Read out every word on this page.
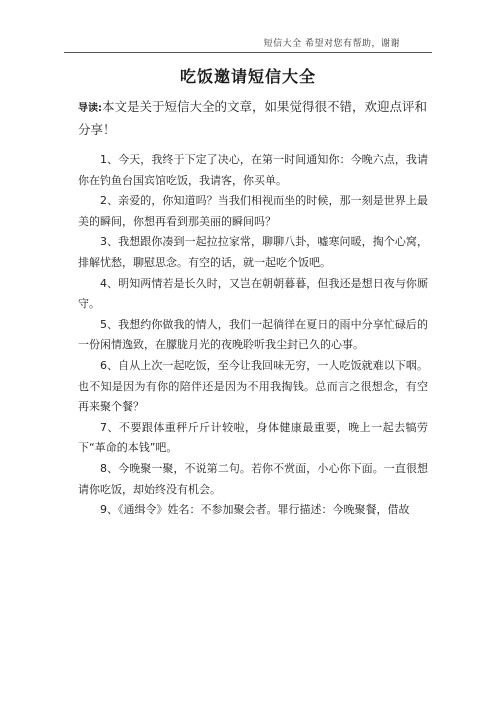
短信大全 希望对您有帮助，谢谢
吃饭邀请短信大全
导读:本文是关于短信大全的文章，如果觉得很不错，欢迎点评和分享！

1、今天，我终于下定了决心，在第一时间通知你：今晚六点，我请你在钓鱼台国宾馆吃饭，我请客，你买单。

2、亲爱的，你知道吗？当我们相视而坐的时候，那一刻是世界上最美的瞬间，你想再看到那美丽的瞬间吗？

3、我想跟你凑到一起拉拉家常，聊聊八卦，嘘寒问暖，掏个心窝，排解忧愁，聊慰思念。有空的话，就一起吃个饭吧。

4、明知两情若是长久时，又岂在朝朝暮暮，但我还是想日夜与你厮守。

5、我想约你做我的情人，我们一起徜徉在夏日的雨中分享忙碌后的一份闲情逸致，在朦胧月光的夜晚聆听我尘封已久的心事。

6、自从上次一起吃饭，至今让我回味无穷，一人吃饭就难以下咽。也不知是因为有你的陪伴还是因为不用我掏钱。总而言之很想念，有空再来聚个餐？

7、不要跟体重秤斤斤计较啦，身体健康最重要，晚上一起去犒劳下“革命的本钱”吧。

8、今晚聚一聚，不说第二句。若你不赏面，小心你下面。一直很想请你吃饭，却始终没有机会。

9、《通缉令》姓名：不参加聚会者。罪行描述：今晚聚餐，借故
